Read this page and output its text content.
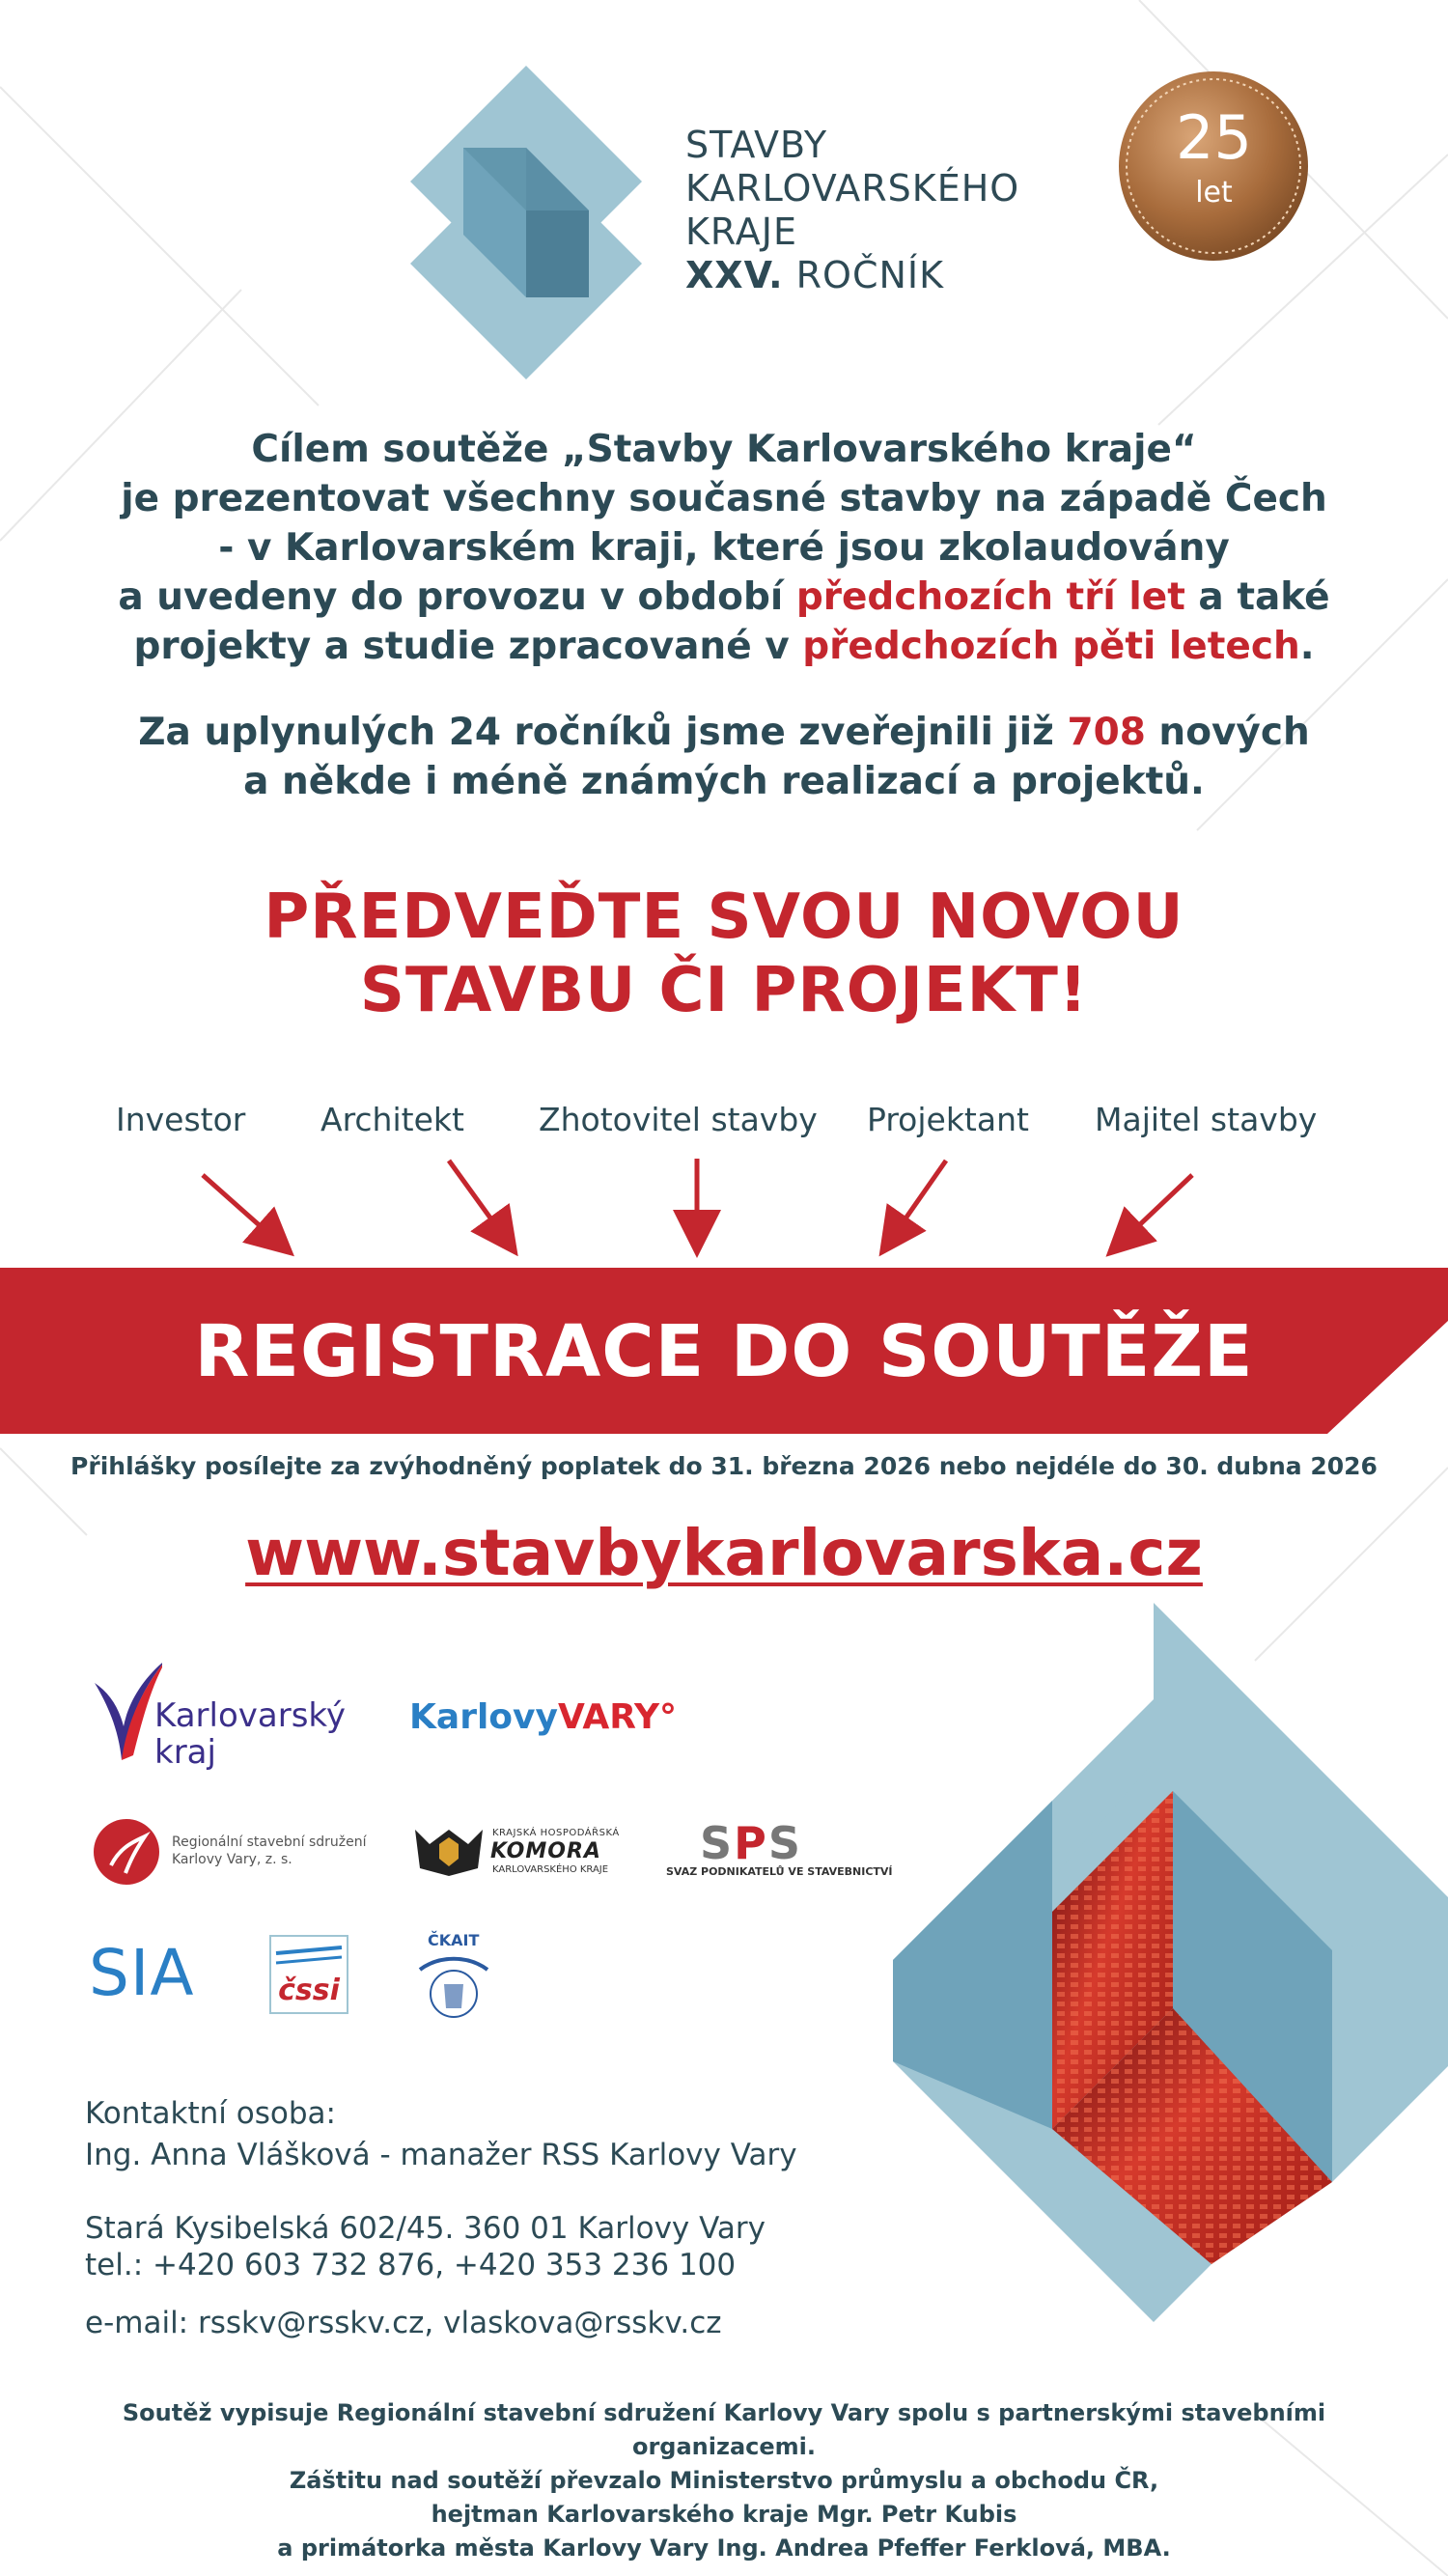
STAVBY
KARLOVARSKÉHO
KRAJE
XXV. ROČNÍK
25
let
Cílem soutěže „Stavby Karlovarského kraje“
je prezentovat všechny současné stavby na západě Čech
- v Karlovarském kraji, které jsou zkolaudovány
a uvedeny do provozu v období předchozích tří let a také
projekty a studie zpracované v předchozích pěti letech.
Za uplynulých 24 ročníků jsme zveřejnili již 708 nových
a někde i méně známých realizací a projektů.
PŘEDVEĎTE SVOU NOVOU
STAVBU ČI PROJEKT!
Investor Architekt Zhotovitel stavby Projektant Majitel stavby
REGISTRACE DO SOUTĚŽE
Přihlášky posílejte za zvýhodněný poplatek do 31. března 2026 nebo nejdéle do 30. dubna 2026
www.stavbykarlovarska.cz
Karlovarský
kraj
KarlovyVARY°
Regionální stavební sdružení
Karlovy Vary, z. s.
KRAJSKÁ HOSPODÁŘSKÁ
KOMORA
KARLOVARSKÉHO KRAJE
SPS
SVAZ PODNIKATELŮ VE STAVEBNICTVÍ
SIA	čssi
ČKAIT
Kontaktní osoba:
Ing. Anna Vlášková - manažer RSS Karlovy Vary
Stará Kysibelská 602/45. 360 01 Karlovy Vary
tel.: +420 603 732 876, +420 353 236 100
e-mail: rsskv@rsskv.cz, vlaskova@rsskv.cz
Soutěž vypisuje Regionální stavební sdružení Karlovy Vary spolu s partnerskými stavebními organizacemi.
Záštitu nad soutěží převzalo Ministerstvo průmyslu a obchodu ČR,
hejtman Karlovarského kraje Mgr. Petr Kubis
a primátorka města Karlovy Vary Ing. Andrea Pfeffer Ferklová, MBA.
